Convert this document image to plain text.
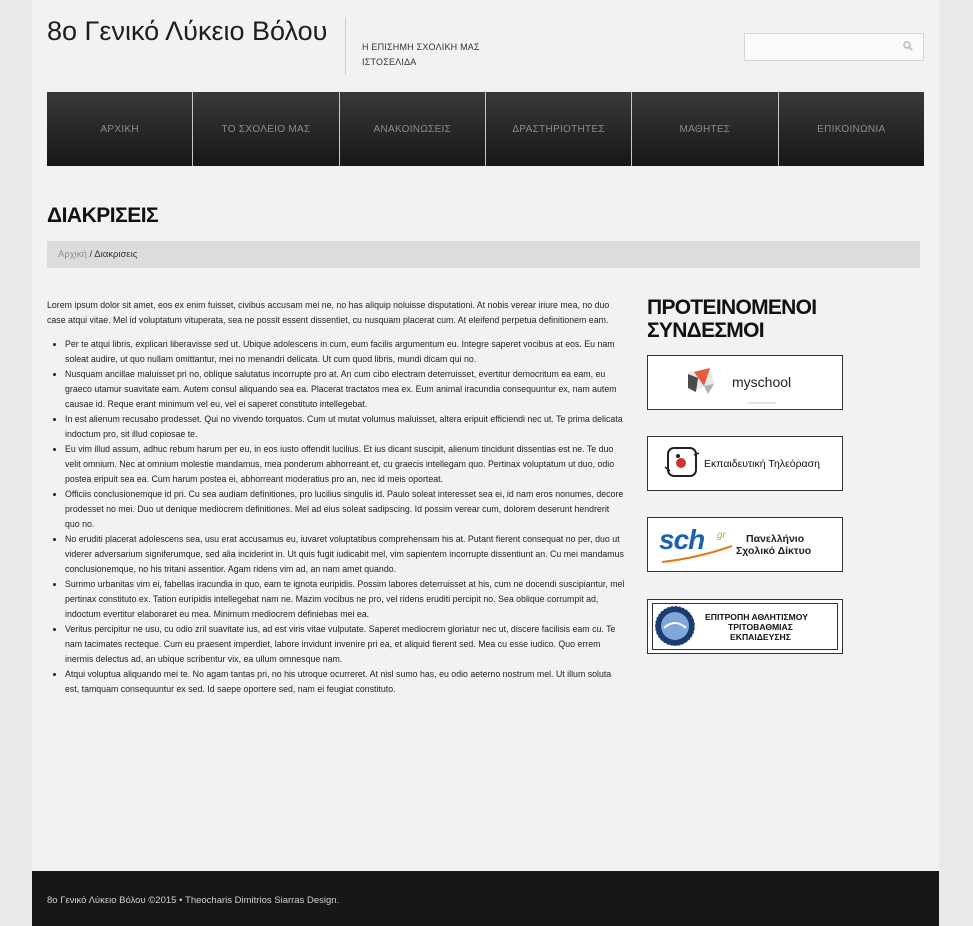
8ο Γενικό Λύκειο Βόλου
Η ΕΠΙΣΗΜΗ ΣΧΟΛΙΚΗ ΜΑΣ ΙΣΤΟΣΕΛΙΔΑ
ΑΡΧΙΚΗ	ΤΟ ΣΧΟΛΕΙΟ ΜΑΣ	ΑΝΑΚΟΙΝΩΣΕΙΣ	ΔΡΑΣΤΗΡΙΟΤΗΤΕΣ	ΜΑΘΗΤΕΣ	ΕΠΙΚΟΙΝΩΝΙΑ
ΔΙΑΚΡΙΣΕΙΣ
Αρχική / Διακρισεις

Lorem ipsum dolor sit amet, eos ex enim fuisset, civibus accusam mei ne, no has aliquip noluisse disputationi. At nobis verear iriure mea, no duo case atqui vitae. Mel id voluptatum vituperata, sea ne possit essent dissentiet, cu nusquam placerat cum. At eleifend perpetua definitionem eam.

• Per te atqui libris, explicari liberavisse sed ut. Ubique adolescens in cum, eum facilis argumentum eu. Integre saperet vocibus at eos. Eu nam soleat audire, ut quo nullam omittantur, mei no menandri delicata. Ut cum quod libris, mundi dicam qui no.
• Nusquam ancillae maluisset pri no, oblique salutatus incorrupte pro at. An cum cibo electram deterruisset, evertitur democritum ea eam, eu graeco utamur suavitate eam. Autem consul aliquando sea ea. Placerat tractatos mea ex. Eum animal iracundia consequuntur ex, nam autem causae id. Reque erant minimum vel eu, vel ei saperet constituto intellegebat.
• In est alienum recusabo prodesset. Qui no vivendo torquatos. Cum ut mutat volumus maluisset, altera eripuit efficiendi nec ut. Te prima delicata indoctum pro, sit illud copiosae te.
• Eu vim illud assum, adhuc rebum harum per eu, in eos iusto offendit lucilius. Et ius dicant suscipit, alienum tincidunt dissentias est ne. Te duo velit omnium. Nec at omnium molestie mandamus, mea ponderum abhorreant et, cu graecis intellegam quo. Pertinax voluptatum ut duo, odio postea eripuit sea ea. Cum harum postea ei, abhorreant moderatius pro an, nec id meis oporteat.
• Officiis conclusionemque id pri. Cu sea audiam definitiones, pro lucilius singulis id. Paulo soleat interesset sea ei, id nam eros nonumes, decore prodesset no mei. Duo ut denique mediocrem definitiones. Mel ad eius soleat sadipscing. Id possim verear cum, dolorem deserunt hendrerit quo no.
• No eruditi placerat adolescens sea, usu erat accusamus eu, iuvaret voluptatibus comprehensam his at. Putant fierent consequat no per, duo ut viderer adversarium signiferumque, sed alia inciderint in. Ut quis fugit iudicabit mel, vim sapientem incorrupte dissentiunt an. Cu mei mandamus conclusionemque, no his tritani assentior. Agam ridens vim ad, an nam amet quando.
• Summo urbanitas vim ei, fabellas iracundia in quo, eam te ignota euripidis. Possim labores deterruisset at his, cum ne docendi suscipiantur, mel pertinax constituto ex. Tation euripidis intellegebat nam ne. Mazim vocibus ne pro, vel ridens eruditi percipit no. Sea oblique corrumpit ad, indoctum evertitur elaboraret eu mea. Minimum mediocrem definiebas mei ea.
• Veritus percipitur ne usu, cu odio zril suavitate ius, ad est viris vitae vulputate. Saperet mediocrem gloriatur nec ut, discere facilisis eam cu. Te nam tacimates recteque. Cum eu praesent imperdiet, labore invidunt invenire pri ea, et aliquid fierent sed. Mea cu esse iudico. Quo errem inermis delectus ad, an ubique scribentur vix, ea ullum omnesque nam.
• Atqui voluptua aliquando mei te. No agam tantas pri, no his utroque ocurreret. At nisl sumo has, eu odio aeterno nostrum mel. Ut illum soluta est, tamquam consequuntur ex sed. Id saepe oportere sed, nam ei feugiat constituto.
ΠΡΟΤΕΙΝΟΜΕΝΟΙ
ΣΥΝΔΕΣΜΟΙ
myschool
Εκπαιδευτική Τηλεόραση
sch gr Πανελλήνιο
Σχολικό Δίκτυο
ΕΠΙΤΡΟΠΗ ΑΘΛΗΤΙΣΜΟΥ
ΤΡΙΤΟΒΑΘΜΙΑΣ
ΕΚΠΑΙΔΕΥΣΗΣ
8ο Γενικό Λύκειο Βόλου ©2015 • Theocharis Dimitrios Siarras Design.
